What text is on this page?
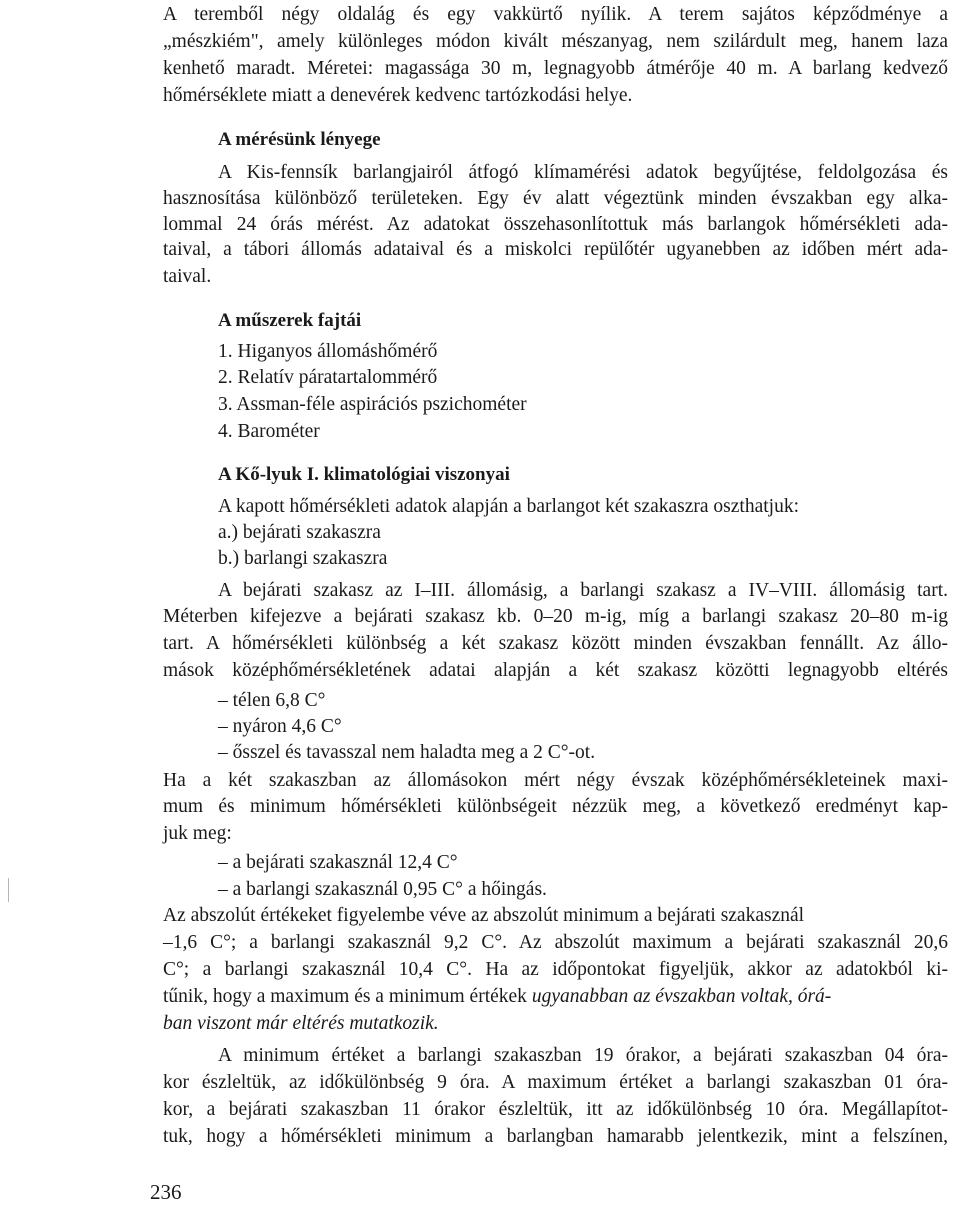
A teremből négy oldalág és egy vakkürtő nyílik. A terem sajátos képződménye a
„mészkiém", amely különleges módon kivált mészanyag, nem szilárdult meg, hanem laza
kenhető maradt. Méretei: magassága 30 m, legnagyobb átmérője 40 m. A barlang kedvező
hőmérséklete miatt a denevérek kedvenc tartózkodási helye.
A mérésünk lényege
A Kis-fennsík barlangjairól átfogó klímamérési adatok begyűjtése, feldolgozása és
hasznosítása különböző területeken. Egy év alatt végeztünk minden évszakban egy alka-
lommal 24 órás mérést. Az adatokat összehasonlítottuk más barlangok hőmérsékleti ada-
taival, a tábori állomás adataival és a miskolci repülőtér ugyanebben az időben mért ada-
taival.
A műszerek fajtái
1. Higanyos állomáshőmérő
2. Relatív páratartalommérő
3. Assman-féle aspirációs pszichométer
4. Barométer
A Kő-lyuk I. klimatológiai viszonyai
A kapott hőmérsékleti adatok alapján a barlangot két szakaszra oszthatjuk:
a.) bejárati szakaszra
b.) barlangi szakaszra
A bejárati szakasz az I–III. állomásig, a barlangi szakasz a IV–VIII. állomásig tart.
Méterben kifejezve a bejárati szakasz kb. 0–20 m-ig, míg a barlangi szakasz 20–80 m-ig
tart. A hőmérsékleti különbség a két szakasz között minden évszakban fennállt. Az állo-
mások középhőmérsékletének adatai alapján a két szakasz közötti legnagyobb eltérés
– télen 6,8 C°
– nyáron 4,6 C°
– ősszel és tavasszal nem haladta meg a 2 C°-ot.
Ha a két szakaszban az állomásokon mért négy évszak középhőmérsékleteinek maxi-
mum és minimum hőmérsékleti különbségeit nézzük meg, a következő eredményt kap-
juk meg:
– a bejárati szakasznál 12,4 C°
– a barlangi szakasznál 0,95 C° a hőingás.
Az abszolút értékeket figyelembe véve az abszolút minimum a bejárati szakasznál
–1,6 C°; a barlangi szakasznál 9,2 C°. Az abszolút maximum a bejárati szakasznál 20,6
C°; a barlangi szakasznál 10,4 C°. Ha az időpontokat figyeljük, akkor az adatokból ki-
tűnik, hogy a maximum és a minimum értékek ugyanabban az évszakban voltak, órá-
ban viszont már eltérés mutatkozik.
A minimum értéket a barlangi szakaszban 19 órakor, a bejárati szakaszban 04 óra-
kor észleltük, az időkülönbség 9 óra. A maximum értéket a barlangi szakaszban 01 óra-
kor, a bejárati szakaszban 11 órakor észleltük, itt az időkülönbség 10 óra. Megállapítot-
tuk, hogy a hőmérsékleti minimum a barlangban hamarabb jelentkezik, mint a felszínen,
236
